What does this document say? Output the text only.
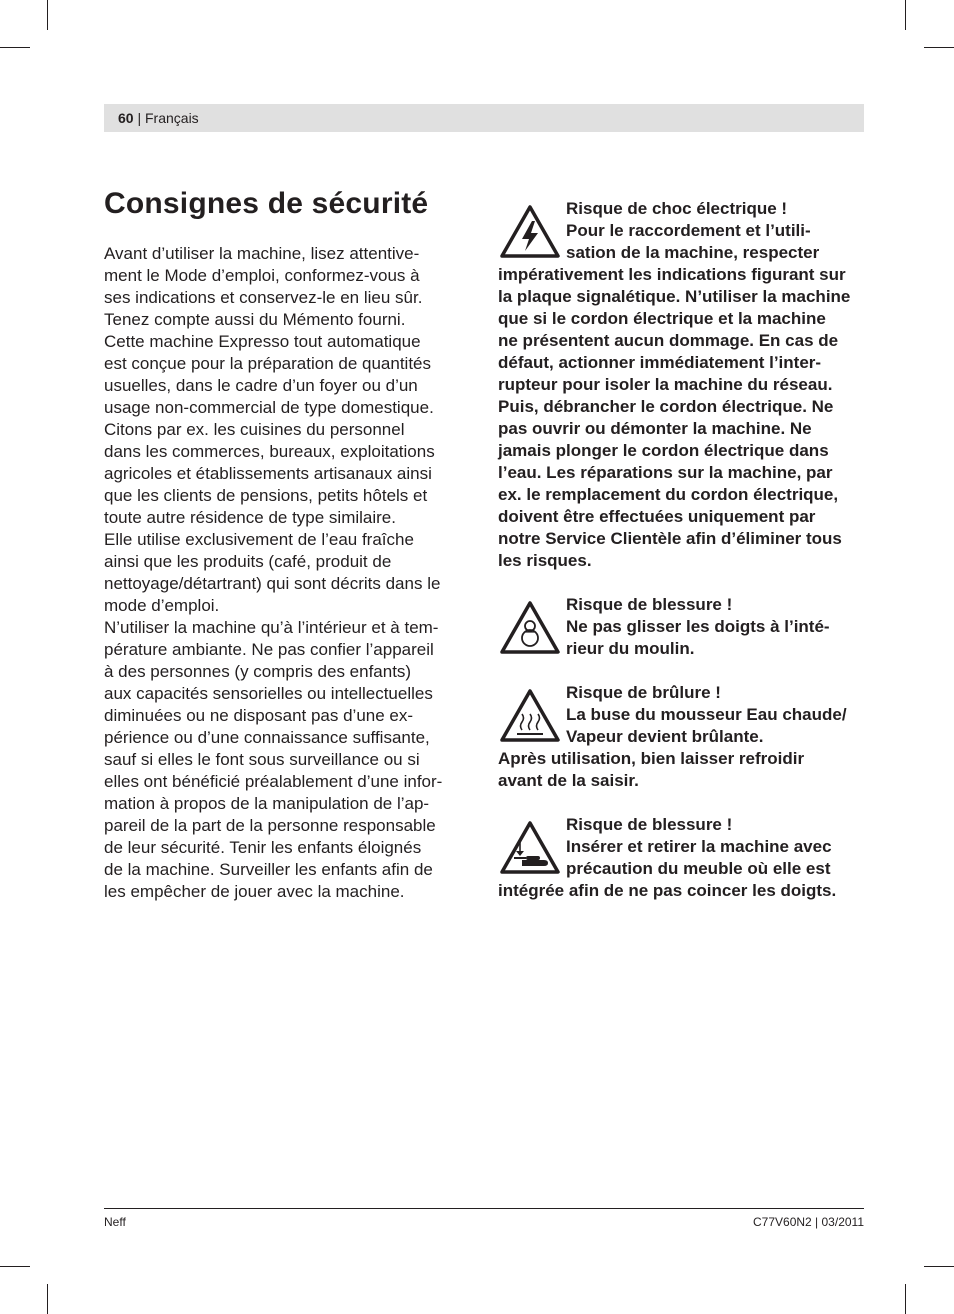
60 | Français
Consignes de sécurité

Avant d’utiliser la machine, lisez attentive-
ment le Mode d’emploi, conformez-vous à
ses indications et conservez-le en lieu sûr.
Tenez compte aussi du Mémento fourni.

Cette machine Expresso tout automatique
est conçue pour la préparation de quantités
usuelles, dans le cadre d’un foyer ou d’un
usage non-commercial de type domestique.
Citons par ex. les cuisines du personnel
dans les commerces, bureaux, exploitations
agricoles et établissements artisanaux ainsi
que les clients de pensions, petits hôtels et
toute autre résidence de type similaire.

Elle utilise exclusivement de l’eau fraîche
ainsi que les produits (café, produit de
nettoyage/détartrant) qui sont décrits dans le
mode d’emploi.

N’utiliser la machine qu’à l’intérieur et à tem-
pérature ambiante. Ne pas confier l’appareil
à des personnes (y compris des enfants)
aux capacités sensorielles ou intellectuelles
diminuées ou ne disposant pas d’une ex-
périence ou d’une connaissance suffisante,
sauf si elles le font sous surveillance ou si
elles ont bénéficié préalablement d’une infor-
mation à propos de la manipulation de l’ap-
pareil de la part de la personne responsable
de leur sécurité. Tenir les enfants éloignés
de la machine. Surveiller les enfants afin de
les empêcher de jouer avec la machine.

Risque de choc électrique !

Pour le raccordement et l’utili-
sation de la machine, respecter
impérativement les indications figurant sur
la plaque signalétique. N’utiliser la machine
que si le cordon électrique et la machine
ne présentent aucun dommage. En cas de
défaut, actionner immédiatement l’inter-
rupteur pour isoler la machine du réseau.
Puis, débrancher le cordon électrique. Ne
pas ouvrir ou démonter la machine. Ne
jamais plonger le cordon électrique dans
l’eau. Les réparations sur la machine, par
ex. le remplacement du cordon électrique,
doivent être effectuées uniquement par
notre Service Clientèle afin d’éliminer tous
les risques.

Risque de blessure !

Ne pas glisser les doigts à l’inté-
rieur du moulin.

Risque de brûlure !

La buse du mousseur Eau chaude/
Vapeur devient brûlante.
Après utilisation, bien laisser refroidir
avant de la saisir.

Risque de blessure !

Insérer et retirer la machine avec
précaution du meuble où elle est
intégrée afin de ne pas coincer les doigts.

Neff	C77V60N2 | 03/2011
